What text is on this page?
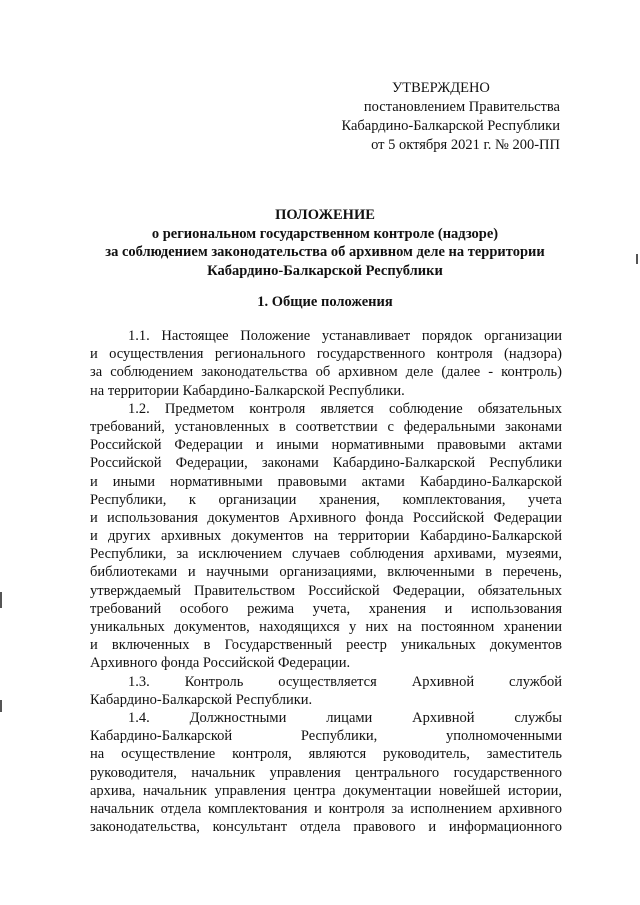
УТВЕРЖДЕНО
постановлением Правительства
Кабардино-Балкарской Республики
от 5 октября 2021 г. № 200-ПП
ПОЛОЖЕНИЕ
о региональном государственном контроле (надзоре)
за соблюдением законодательства об архивном деле на территории
Кабардино-Балкарской Республики
1. Общие положения
1.1. Настоящее Положение устанавливает порядок организации
и осуществления регионального государственного контроля (надзора)
за соблюдением законодательства об архивном деле (далее - контроль)
на территории Кабардино-Балкарской Республики.
1.2. Предметом контроля является соблюдение обязательных
требований, установленных в соответствии с федеральными законами
Российской Федерации и иными нормативными правовыми актами
Российской Федерации, законами Кабардино-Балкарской Республики
и иными нормативными правовыми актами Кабардино-Балкарской
Республики, к организации хранения, комплектования, учета
и использования документов Архивного фонда Российской Федерации
и других архивных документов на территории Кабардино-Балкарской
Республики, за исключением случаев соблюдения архивами, музеями,
библиотеками и научными организациями, включенными в перечень,
утверждаемый Правительством Российской Федерации, обязательных
требований особого режима учета, хранения и использования
уникальных документов, находящихся у них на постоянном хранении
и включенных в Государственный реестр уникальных документов
Архивного фонда Российской Федерации.
1.3. Контроль осуществляется Архивной службой
Кабардино-Балкарской Республики.
1.4. Должностными лицами Архивной службы
Кабардино-Балкарской Республики, уполномоченными
на осуществление контроля, являются руководитель, заместитель
руководителя, начальник управления центрального государственного
архива, начальник управления центра документации новейшей истории,
начальник отдела комплектования и контроля за исполнением архивного
законодательства, консультант отдела правового и информационного
